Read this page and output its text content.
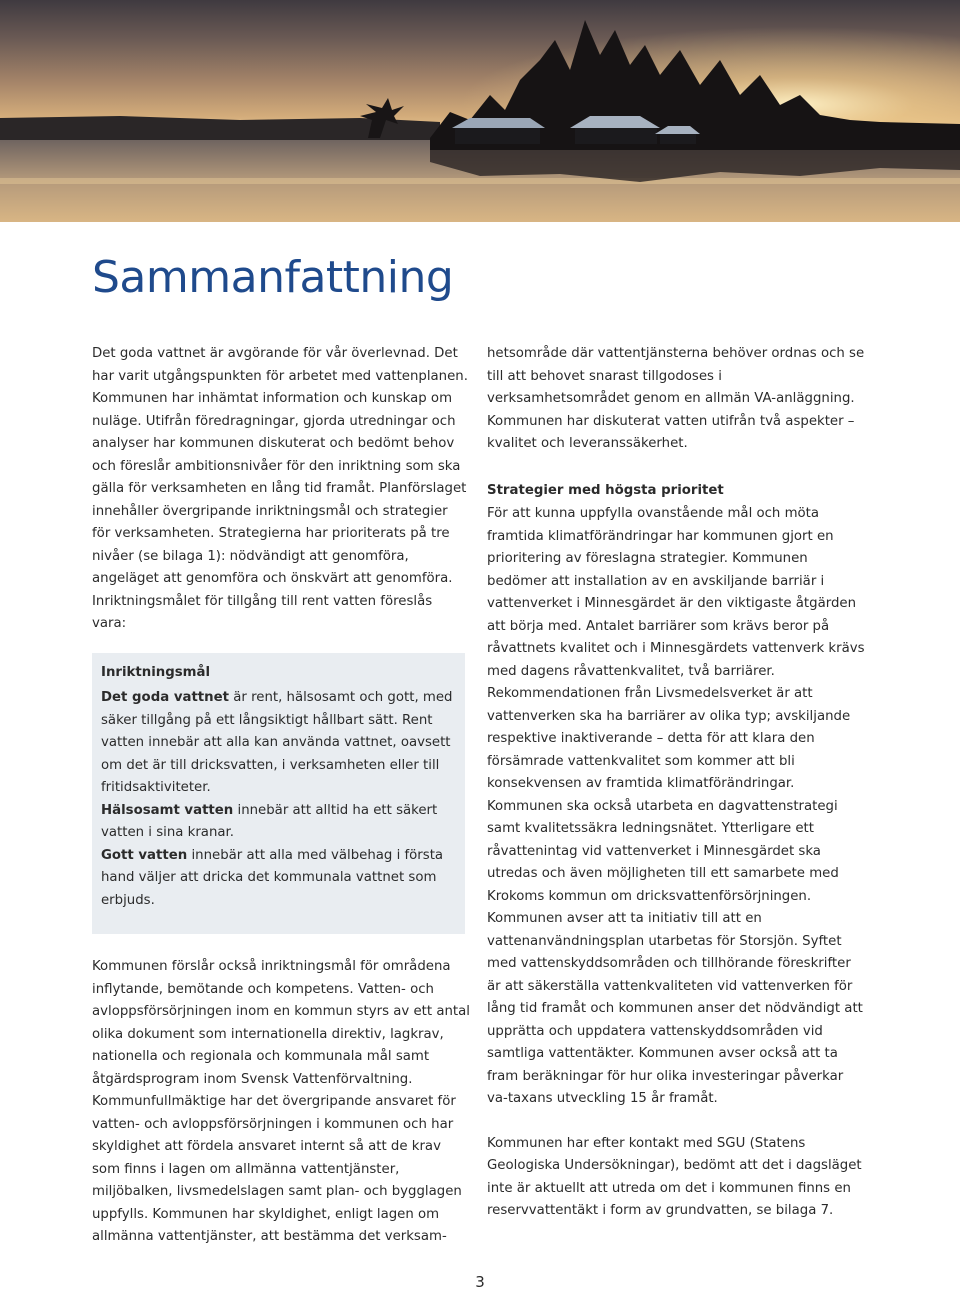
Sammanfattning

Det goda vattnet är avgörande för vår överlevnad. Det har varit utgångspunkten för arbetet med vattenplanen. Kommunen har inhämtat information och kunskap om nuläge. Utifrån föredragningar, gjorda utredningar och analyser har kommunen diskuterat och bedömt behov och föreslår ambitionsnivåer för den inriktning som ska gälla för verksamheten en lång tid framåt. Planförslaget innehåller övergripande inriktningsmål och strategier för verksamheten. Strategierna har prioriterats på tre nivåer (se bilaga 1): nödvändigt att genomföra, angeläget att genomföra och önskvärt att genomföra. Inriktningsmålet för tillgång till rent vatten föreslås vara:

Inriktningsmål

Det goda vattnet är rent, hälsosamt och gott, med säker tillgång på ett långsiktigt hållbart sätt. Rent vatten innebär att alla kan använda vattnet, oavsett om det är till dricksvatten, i verksamheten eller till fritidsaktiviteter.

Hälsosamt vatten innebär att alltid ha ett säkert vatten i sina kranar.

Gott vatten innebär att alla med välbehag i första hand väljer att dricka det kommunala vattnet som erbjuds.

Kommunen förslår också inriktningsmål för områdena inflytande, bemötande och kompetens. Vatten- och avloppsförsörjningen inom en kommun styrs av ett antal olika dokument som internationella direktiv, lagkrav, nationella och regionala och kommunala mål samt åtgärdsprogram inom Svensk Vattenförvaltning. Kommunfullmäktige har det övergripande ansvaret för vatten- och avloppsförsörjningen i kommunen och har skyldighet att fördela ansvaret internt så att de krav som finns i lagen om allmänna vattentjänster, miljöbalken, livsmedelslagen samt plan- och bygglagen uppfylls. Kommunen har skyldighet, enligt lagen om allmänna vattentjänster, att bestämma det verksam-

hetsområde där vattentjänsterna behöver ordnas och se till att behovet snarast tillgodoses i verksamhetsområdet genom en allmän VA-anläggning. Kommunen har diskuterat vatten utifrån två aspekter – kvalitet och leveranssäkerhet.

Strategier med högsta prioritet

För att kunna uppfylla ovanstående mål och möta framtida klimatförändringar har kommunen gjort en prioritering av föreslagna strategier. Kommunen bedömer att installation av en avskiljande barriär i vattenverket i Minnesgärdet är den viktigaste åtgärden att börja med. Antalet barriärer som krävs beror på råvattnets kvalitet och i Minnesgärdets vattenverk krävs med dagens råvattenkvalitet, två barriärer. Rekommendationen från Livsmedelsverket är att vattenverken ska ha barriärer av olika typ; avskiljande respektive inaktiverande – detta för att klara den försämrade vattenkvalitet som kommer att bli konsekvensen av framtida klimatförändringar. Kommunen ska också utarbeta en dagvattenstrategi samt kvalitetssäkra ledningsnätet. Ytterligare ett råvattenintag vid vattenverket i Minnesgärdet ska utredas och även möjligheten till ett samarbete med Krokoms kommun om dricksvattenförsörjningen. Kommunen avser att ta initiativ till att en vattenanvändningsplan utarbetas för Storsjön. Syftet med vattenskyddsområden och tillhörande föreskrifter är att säkerställa vattenkvaliteten vid vattenverken för lång tid framåt och kommunen anser det nödvändigt att upprätta och uppdatera vattenskyddsområden vid samtliga vattentäkter. Kommunen avser också att ta fram beräkningar för hur olika investeringar påverkar va-taxans utveckling 15 år framåt.

Kommunen har efter kontakt med SGU (Statens Geologiska Undersökningar), bedömt att det i dagsläget inte är aktuellt att utreda om det i kommunen finns en reservvattentäkt i form av grundvatten, se bilaga 7.

3
